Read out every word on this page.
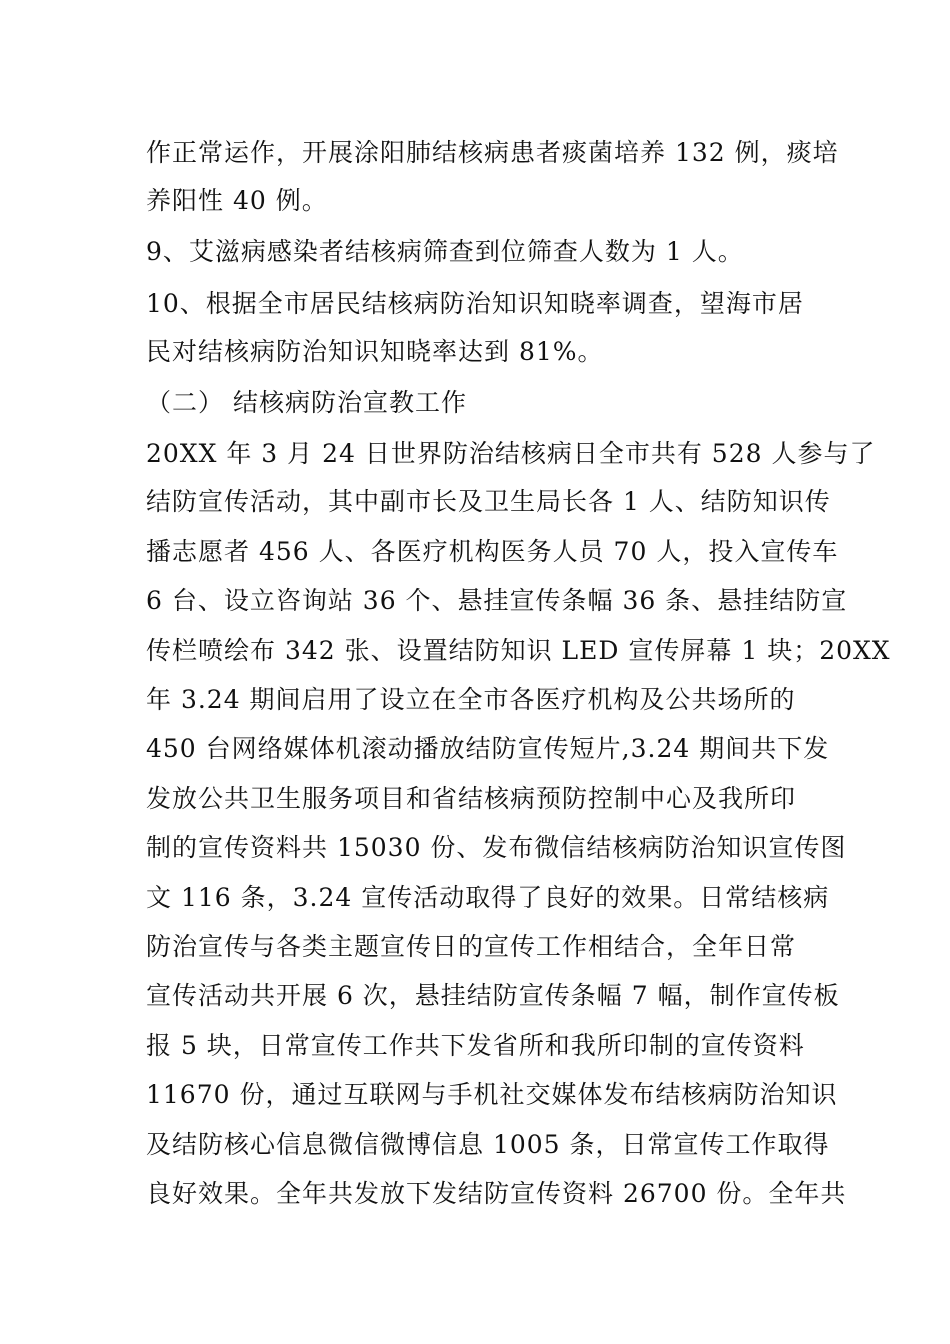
作正常运作，开展涂阳肺结核病患者痰菌培养 132 例，痰培
养阳性 40 例。
9、艾滋病感染者结核病筛查到位筛查人数为 1 人。
10、根据全市居民结核病防治知识知晓率调查，望海市居
民对结核病防治知识知晓率达到 81%。
（二） 结核病防治宣教工作
20XX 年 3 月 24 日世界防治结核病日全市共有 528 人参与了
结防宣传活动，其中副市长及卫生局长各 1 人、结防知识传
播志愿者 456 人、各医疗机构医务人员 70 人，投入宣传车
6 台、设立咨询站 36 个、悬挂宣传条幅 36 条、悬挂结防宣
传栏喷绘布 342 张、设置结防知识 LED 宣传屏幕 1 块；20XX
年 3.24 期间启用了设立在全市各医疗机构及公共场所的
450 台网络媒体机滚动播放结防宣传短片,3.24 期间共下发
发放公共卫生服务项目和省结核病预防控制中心及我所印
制的宣传资料共 15030 份、发布微信结核病防治知识宣传图
文 116 条，3.24 宣传活动取得了良好的效果。日常结核病
防治宣传与各类主题宣传日的宣传工作相结合，全年日常
宣传活动共开展 6 次，悬挂结防宣传条幅 7 幅，制作宣传板
报 5 块，日常宣传工作共下发省所和我所印制的宣传资料
11670 份，通过互联网与手机社交媒体发布结核病防治知识
及结防核心信息微信微博信息 1005 条，日常宣传工作取得
良好效果。全年共发放下发结防宣传资料 26700 份。全年共
